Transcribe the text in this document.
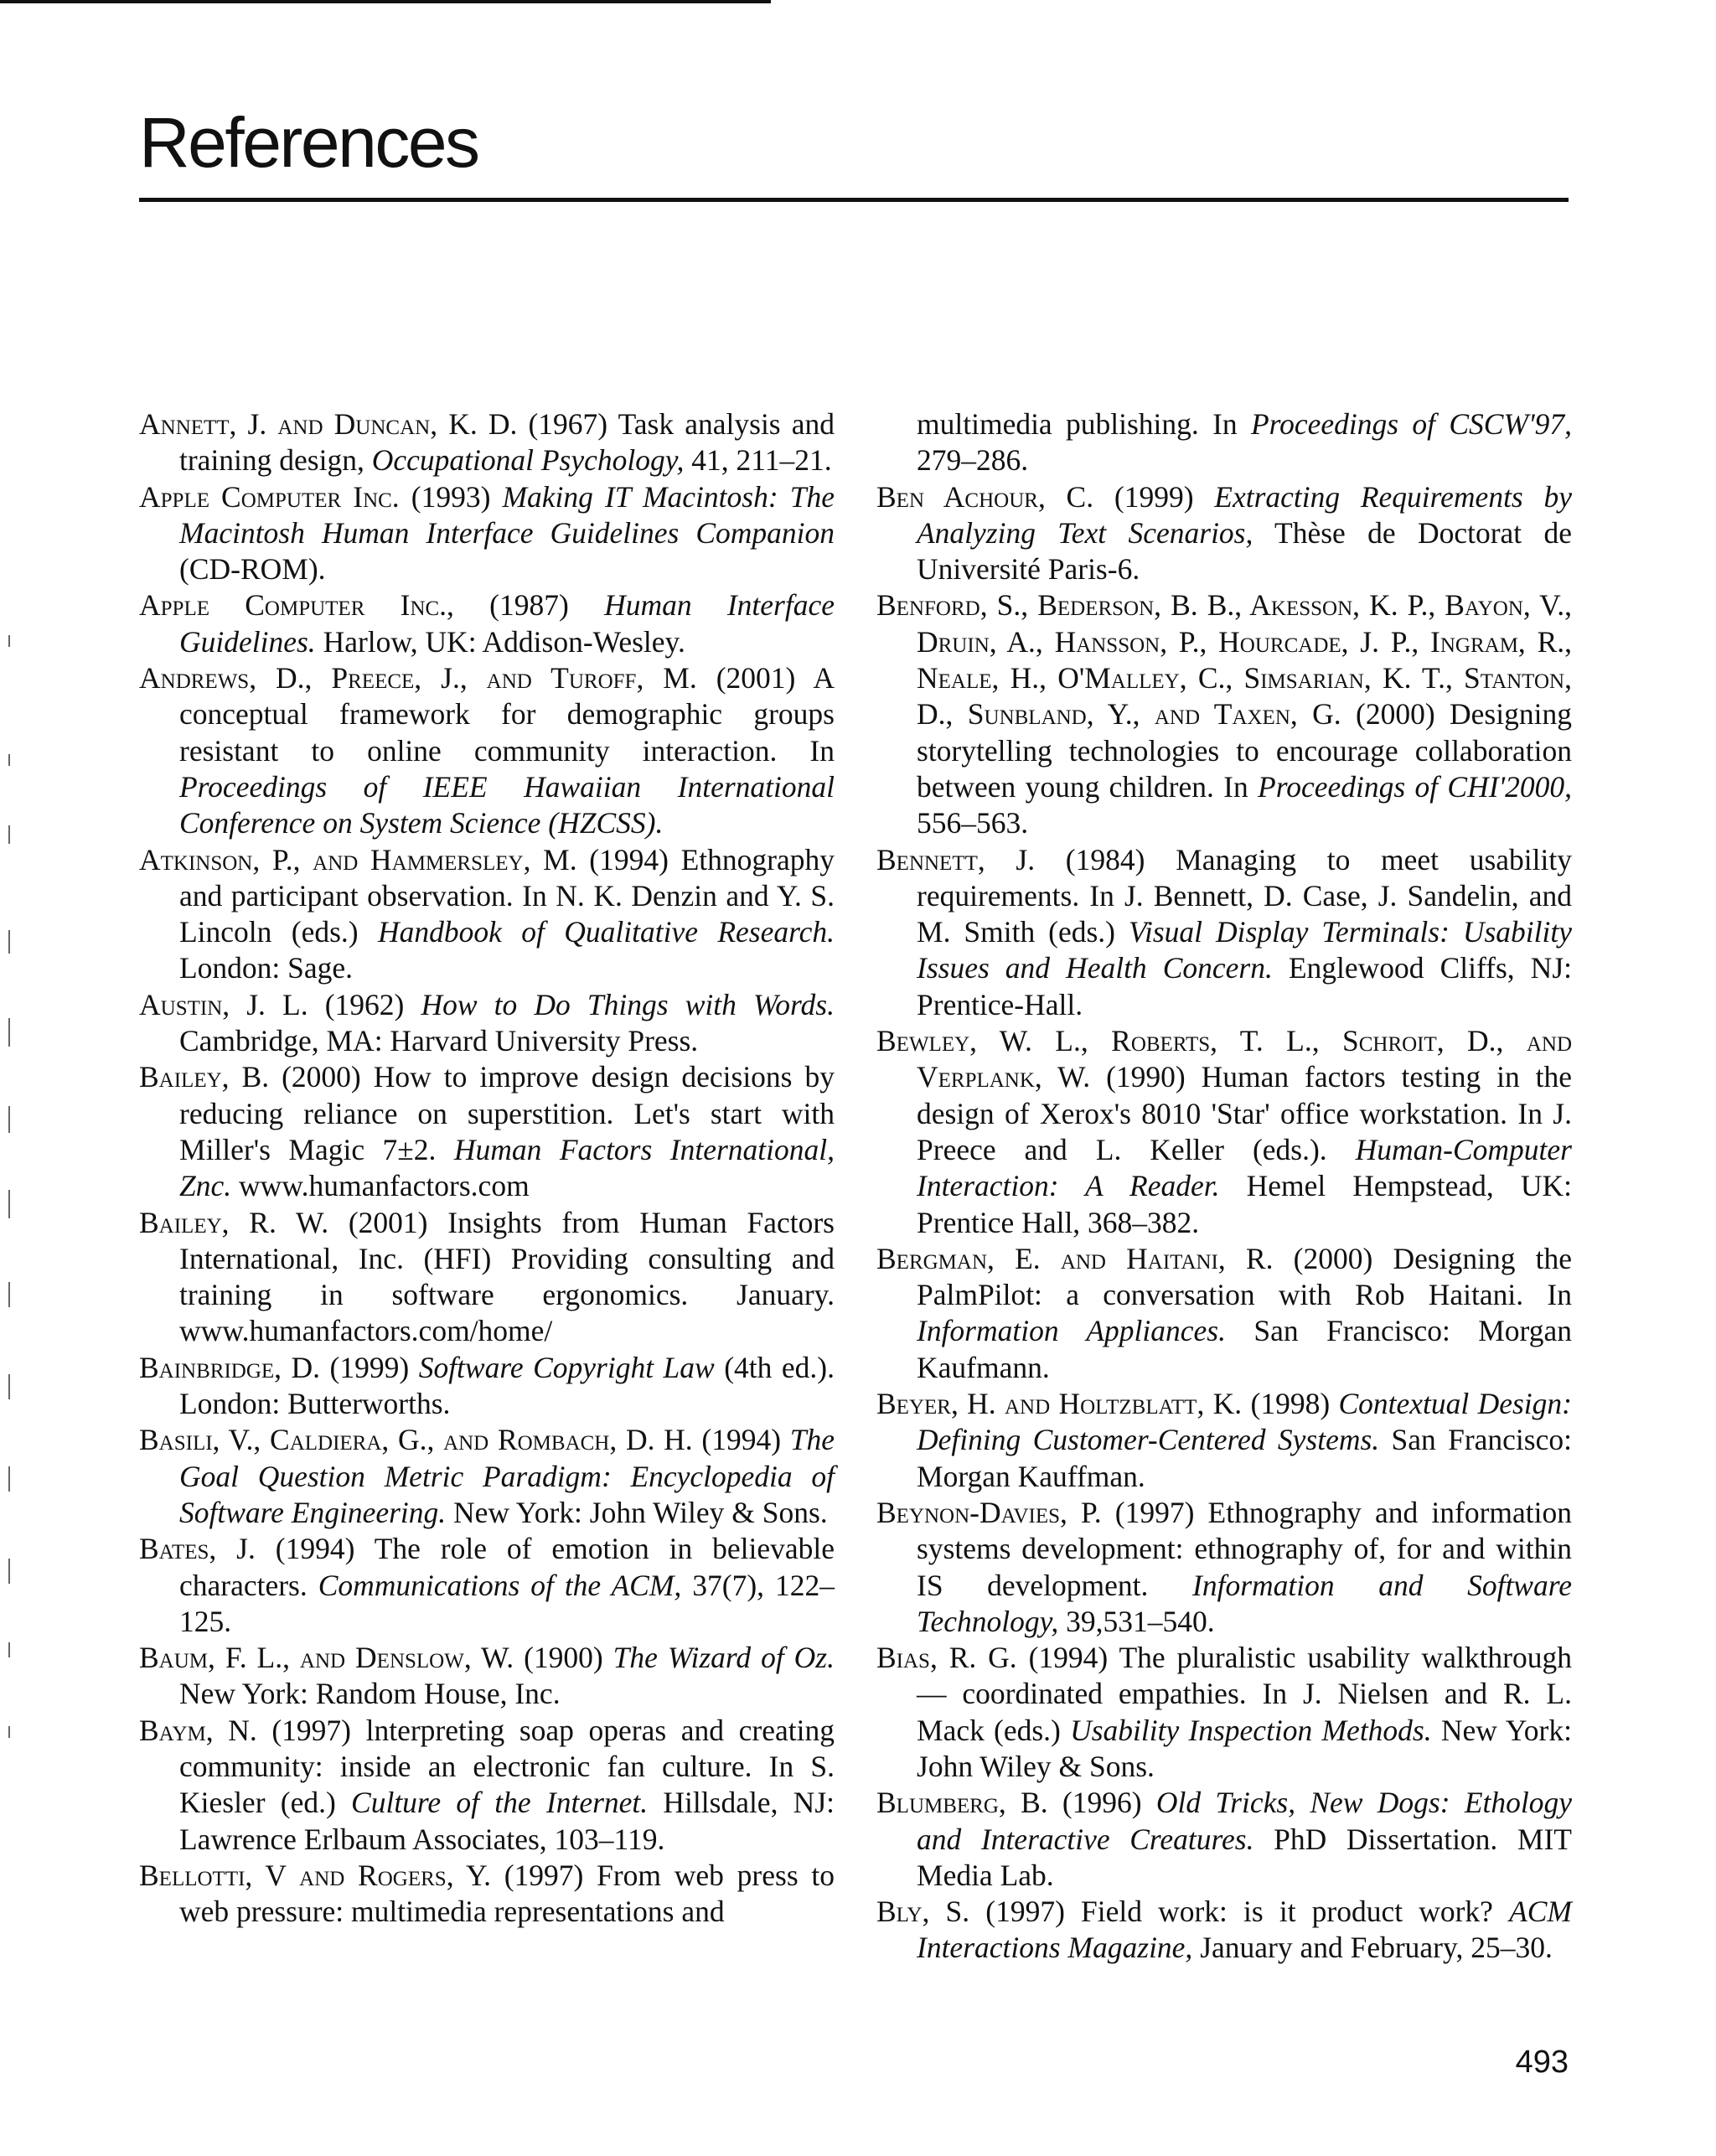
References

Annett, J. and Duncan, K. D. (1967) Task analysis and training design, Occupational Psychology, 41, 211–21.

Apple Computer Inc. (1993) Making IT Macintosh: The Macintosh Human Interface Guidelines Companion (CD-ROM).

Apple Computer Inc., (1987) Human Interface Guidelines. Harlow, UK: Addison-Wesley.

Andrews, D., Preece, J., and Turoff, M. (2001) A conceptual framework for demographic groups resistant to online community interaction. In Proceedings of IEEE Hawaiian International Conference on System Science (HZCSS).

Atkinson, P., and Hammersley, M. (1994) Ethnography and participant observation. In N. K. Denzin and Y. S. Lincoln (eds.) Handbook of Qualitative Research. London: Sage.

Austin, J. L. (1962) How to Do Things with Words. Cambridge, MA: Harvard University Press.

Bailey, B. (2000) How to improve design decisions by reducing reliance on superstition. Let's start with Miller's Magic 7±2. Human Factors International, Znc. www.humanfactors.com

Bailey, R. W. (2001) Insights from Human Factors International, Inc. (HFI) Providing consulting and training in software ergonomics. January. www.humanfactors.com/home/

Bainbridge, D. (1999) Software Copyright Law (4th ed.). London: Butterworths.

Basili, V., Caldiera, G., and Rombach, D. H. (1994) The Goal Question Metric Paradigm: Encyclopedia of Software Engineering. New York: John Wiley & Sons.

Bates, J. (1994) The role of emotion in believable characters. Communications of the ACM, 37(7), 122–125.

Baum, F. L., and Denslow, W. (1900) The Wizard of Oz. New York: Random House, Inc.

Baym, N. (1997) lnterpreting soap operas and creating community: inside an electronic fan culture. In S. Kiesler (ed.) Culture of the Internet. Hillsdale, NJ: Lawrence Erlbaum Associates, 103–119.

Bellotti, V and Rogers, Y. (1997) From web press to web pressure: multimedia representations and

multimedia publishing. In Proceedings of CSCW'97, 279–286.

Ben Achour, C. (1999) Extracting Requirements by Analyzing Text Scenarios, Thèse de Doctorat de Université Paris-6.

Benford, S., Bederson, B. B., Akesson, K. P., Bayon, V., Druin, A., Hansson, P., Hourcade, J. P., Ingram, R., Neale, H., O'Malley, C., Simsarian, K. T., Stanton, D., Sunbland, Y., and Taxen, G. (2000) Designing storytelling technologies to encourage collaboration between young children. In Proceedings of CHI'2000, 556–563.

Bennett, J. (1984) Managing to meet usability requirements. In J. Bennett, D. Case, J. Sandelin, and M. Smith (eds.) Visual Display Terminals: Usability Issues and Health Concern. Englewood Cliffs, NJ: Prentice-Hall.

Bewley, W. L., Roberts, T. L., Schroit, D., and Verplank, W. (1990) Human factors testing in the design of Xerox's 8010 'Star' office workstation. In J. Preece and L. Keller (eds.). Human-Computer Interaction: A Reader. Hemel Hempstead, UK: Prentice Hall, 368–382.

Bergman, E. and Haitani, R. (2000) Designing the PalmPilot: a conversation with Rob Haitani. In Information Appliances. San Francisco: Morgan Kaufmann.

Beyer, H. and Holtzblatt, K. (1998) Contextual Design: Defining Customer-Centered Systems. San Francisco: Morgan Kauffman.

Beynon-Davies, P. (1997) Ethnography and information systems development: ethnography of, for and within IS development. Information and Software Technology, 39,531–540.

Bias, R. G. (1994) The pluralistic usability walkthrough — coordinated empathies. In J. Nielsen and R. L. Mack (eds.) Usability Inspection Methods. New York: John Wiley & Sons.

Blumberg, B. (1996) Old Tricks, New Dogs: Ethology and Interactive Creatures. PhD Dissertation. MIT Media Lab.

Bly, S. (1997) Field work: is it product work? ACM Interactions Magazine, January and February, 25–30.

493
